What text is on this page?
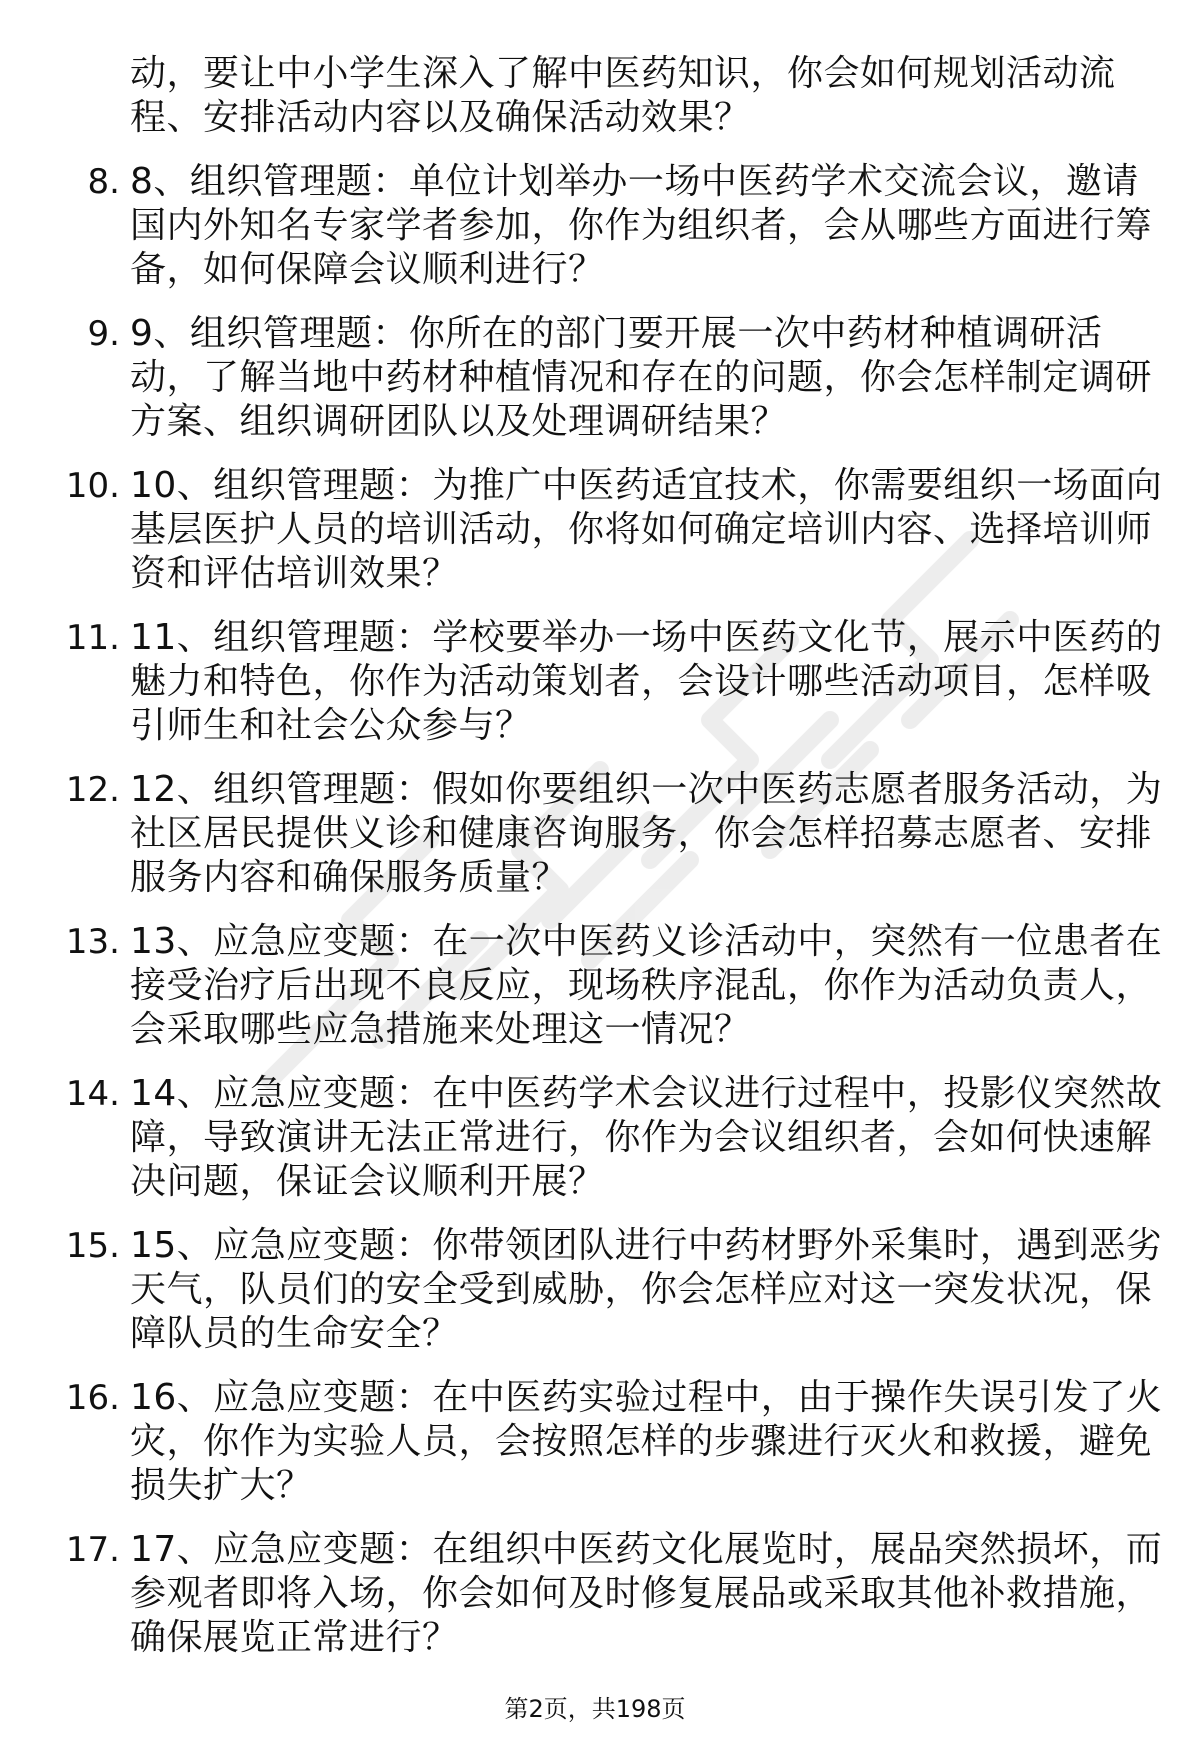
动，要让中小学生深入了解中医药知识，你会如何规划活动流程、安排活动内容以及确保活动效果？

8. 8、组织管理题：单位计划举办一场中医药学术交流会议，邀请国内外知名专家学者参加，你作为组织者，会从哪些方面进行筹备，如何保障会议顺利进行？
9. 9、组织管理题：你所在的部门要开展一次中药材种植调研活动，了解当地中药材种植情况和存在的问题，你会怎样制定调研方案、组织调研团队以及处理调研结果？
10. 10、组织管理题：为推广中医药适宜技术，你需要组织一场面向基层医护人员的培训活动，你将如何确定培训内容、选择培训师资和评估培训效果？
11. 11、组织管理题：学校要举办一场中医药文化节，展示中医药的魅力和特色，你作为活动策划者，会设计哪些活动项目，怎样吸引师生和社会公众参与？
12. 12、组织管理题：假如你要组织一次中医药志愿者服务活动，为社区居民提供义诊和健康咨询服务，你会怎样招募志愿者、安排服务内容和确保服务质量？
13. 13、应急应变题：在一次中医药义诊活动中，突然有一位患者在接受治疗后出现不良反应，现场秩序混乱，你作为活动负责人，会采取哪些应急措施来处理这一情况？
14. 14、应急应变题：在中医药学术会议进行过程中，投影仪突然故障，导致演讲无法正常进行，你作为会议组织者，会如何快速解决问题，保证会议顺利开展？
15. 15、应急应变题：你带领团队进行中药材野外采集时，遇到恶劣天气，队员们的安全受到威胁，你会怎样应对这一突发状况，保障队员的生命安全？
16. 16、应急应变题：在中医药实验过程中，由于操作失误引发了火灾，你作为实验人员，会按照怎样的步骤进行灭火和救援，避免损失扩大？
17. 17、应急应变题：在组织中医药文化展览时，展品突然损坏，而参观者即将入场，你会如何及时修复展品或采取其他补救措施，确保展览正常进行？
第2页，共198页
